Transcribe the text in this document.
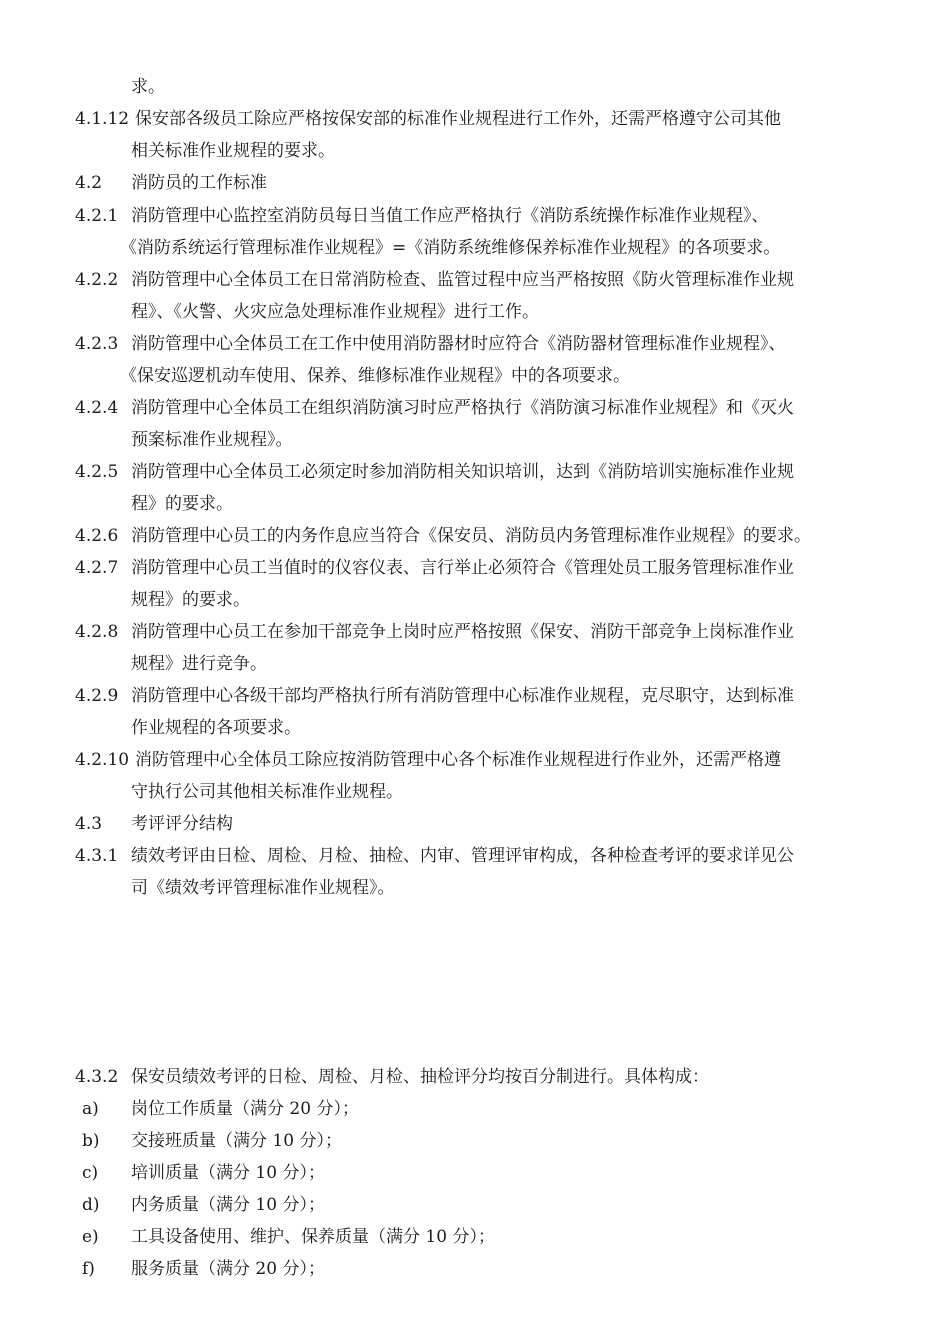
求。
4.1.12 保安部各级员工除应严格按保安部的标准作业规程进行工作外，还需严格遵守公司其他
相关标准作业规程的要求。
4.2 消防员的工作标准
4.2.1 消防管理中心监控室消防员每日当值工作应严格执行《消防系统操作标准作业规程》、
《消防系统运行管理标准作业规程》=《消防系统维修保养标准作业规程》的各项要求。
4.2.2 消防管理中心全体员工在日常消防检查、监管过程中应当严格按照《防火管理标准作业规
程》、《火警、火灾应急处理标准作业规程》进行工作。
4.2.3 消防管理中心全体员工在工作中使用消防器材时应符合《消防器材管理标准作业规程》、
《保安巡逻机动车使用、保养、维修标准作业规程》中的各项要求。
4.2.4 消防管理中心全体员工在组织消防演习时应严格执行《消防演习标准作业规程》和《灭火
预案标准作业规程》。
4.2.5 消防管理中心全体员工必须定时参加消防相关知识培训，达到《消防培训实施标准作业规
程》的要求。
4.2.6 消防管理中心员工的内务作息应当符合《保安员、消防员内务管理标准作业规程》的要求。
4.2.7 消防管理中心员工当值时的仪容仪表、言行举止必须符合《管理处员工服务管理标准作业
规程》的要求。
4.2.8 消防管理中心员工在参加干部竞争上岗时应严格按照《保安、消防干部竞争上岗标准作业
规程》进行竞争。
4.2.9 消防管理中心各级干部均严格执行所有消防管理中心标准作业规程，克尽职守，达到标准
作业规程的各项要求。
4.2.10 消防管理中心全体员工除应按消防管理中心各个标准作业规程进行作业外，还需严格遵
守执行公司其他相关标准作业规程。
4.3 考评评分结构
4.3.1 绩效考评由日检、周检、月检、抽检、内审、管理评审构成，各种检查考评的要求详见公
司《绩效考评管理标准作业规程》。
4.3.2 保安员绩效考评的日检、周检、月检、抽检评分均按百分制进行。具体构成：
a) 岗位工作质量（满分 20 分）；
b) 交接班质量（满分 10 分）；
c) 培训质量（满分 10 分）；
d) 内务质量（满分 10 分）；
e) 工具设备使用、维护、保养质量（满分 10 分）；
f) 服务质量（满分 20 分）；
